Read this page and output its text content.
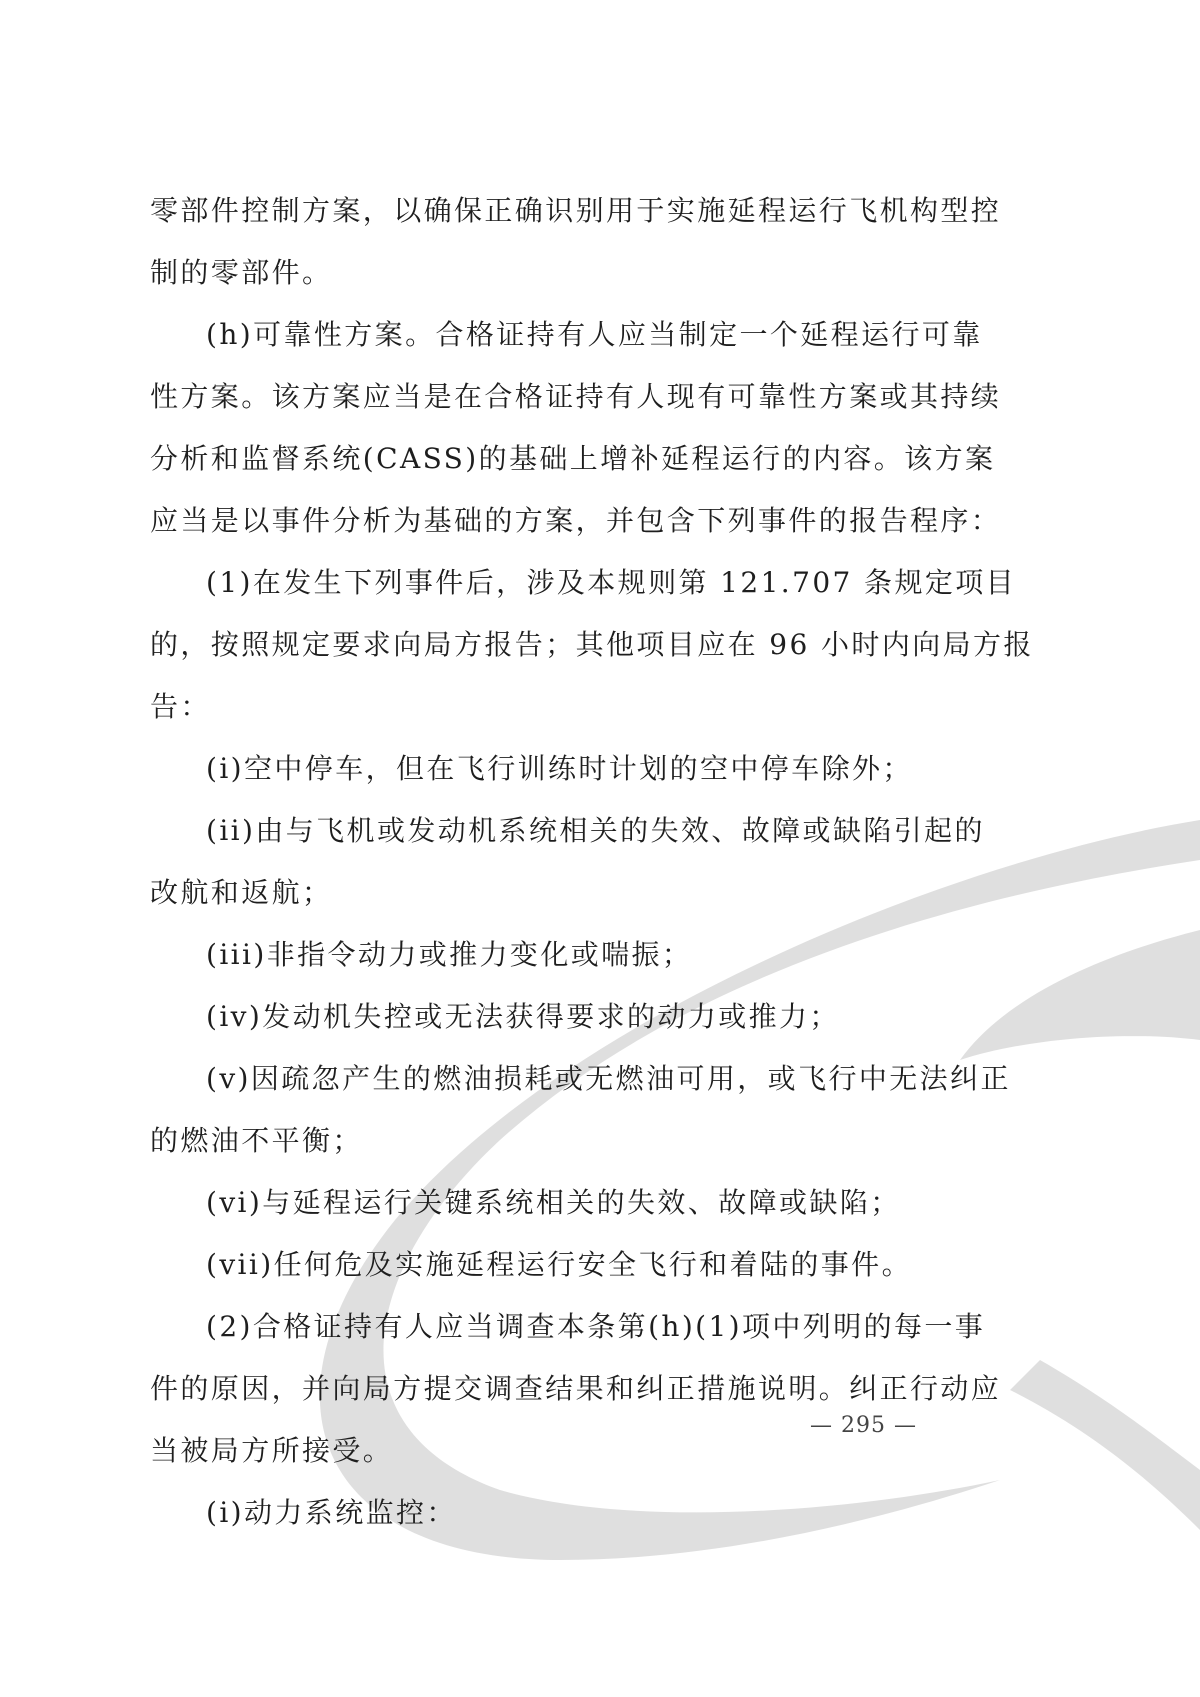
零部件控制方案，以确保正确识别用于实施延程运行飞机构型控
制的零部件。
(h)可靠性方案。合格证持有人应当制定一个延程运行可靠
性方案。该方案应当是在合格证持有人现有可靠性方案或其持续
分析和监督系统(CASS)的基础上增补延程运行的内容。该方案
应当是以事件分析为基础的方案，并包含下列事件的报告程序：
(1)在发生下列事件后，涉及本规则第 121.707 条规定项目
的，按照规定要求向局方报告；其他项目应在 96 小时内向局方报
告：
(i)空中停车，但在飞行训练时计划的空中停车除外；
(ii)由与飞机或发动机系统相关的失效、故障或缺陷引起的
改航和返航；
(iii)非指令动力或推力变化或喘振；
(iv)发动机失控或无法获得要求的动力或推力；
(v)因疏忽产生的燃油损耗或无燃油可用，或飞行中无法纠正
的燃油不平衡；
(vi)与延程运行关键系统相关的失效、故障或缺陷；
(vii)任何危及实施延程运行安全飞行和着陆的事件。
(2)合格证持有人应当调查本条第(h)(1)项中列明的每一事
件的原因，并向局方提交调查结果和纠正措施说明。纠正行动应
当被局方所接受。
(i)动力系统监控：
— 295 —
